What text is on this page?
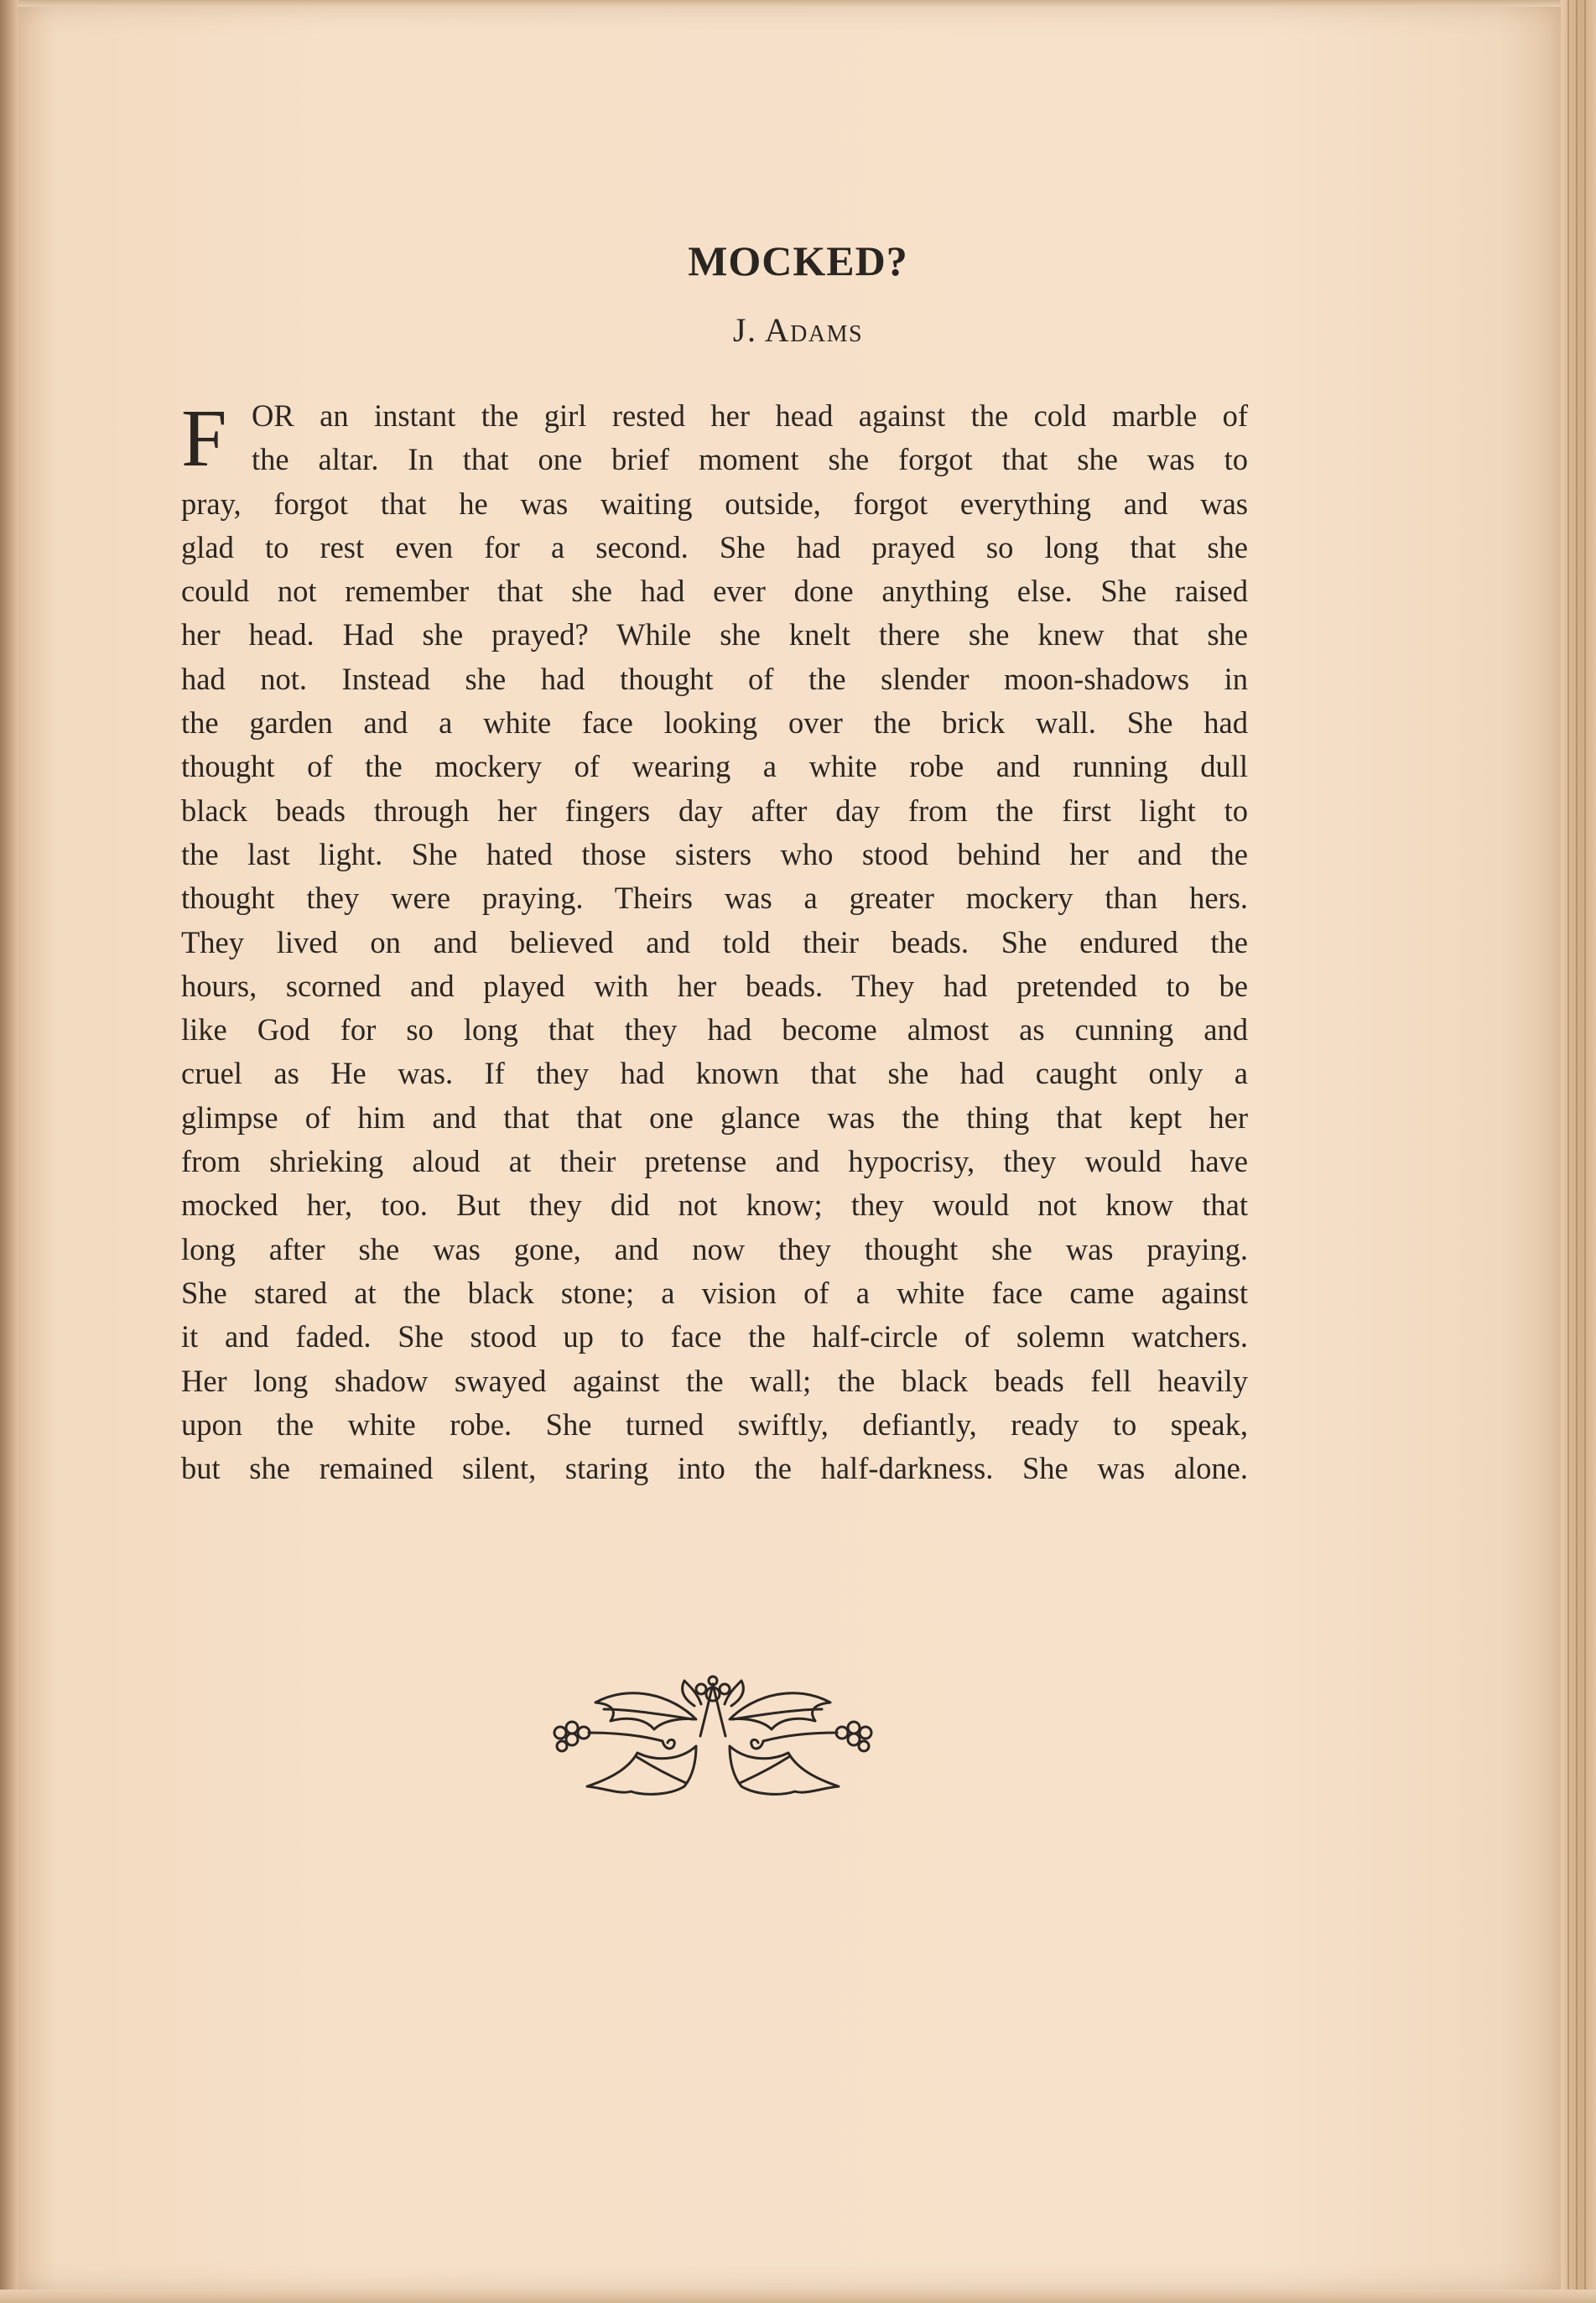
MOCKED?
J. Adams
F OR an instant the girl rested her head against the cold marble of
the altar. In that one brief moment she forgot that she was to
pray, forgot that he was waiting outside, forgot everything and was
glad to rest even for a second. She had prayed so long that she
could not remember that she had ever done anything else. She raised
her head. Had she prayed? While she knelt there she knew that she
had not. Instead she had thought of the slender moon-shadows in
the garden and a white face looking over the brick wall. She had
thought of the mockery of wearing a white robe and running dull
black beads through her fingers day after day from the first light to
the last light. She hated those sisters who stood behind her and the
thought they were praying. Theirs was a greater mockery than hers.
They lived on and believed and told their beads. She endured the
hours, scorned and played with her beads. They had pretended to be
like God for so long that they had become almost as cunning and
cruel as He was. If they had known that she had caught only a
glimpse of him and that that one glance was the thing that kept her
from shrieking aloud at their pretense and hypocrisy, they would have
mocked her, too. But they did not know; they would not know that
long after she was gone, and now they thought she was praying.
She stared at the black stone; a vision of a white face came against
it and faded. She stood up to face the half-circle of solemn watchers.
Her long shadow swayed against the wall; the black beads fell heavily
upon the white robe. She turned swiftly, defiantly, ready to speak,
but she remained silent, staring into the half-darkness. She was alone.
